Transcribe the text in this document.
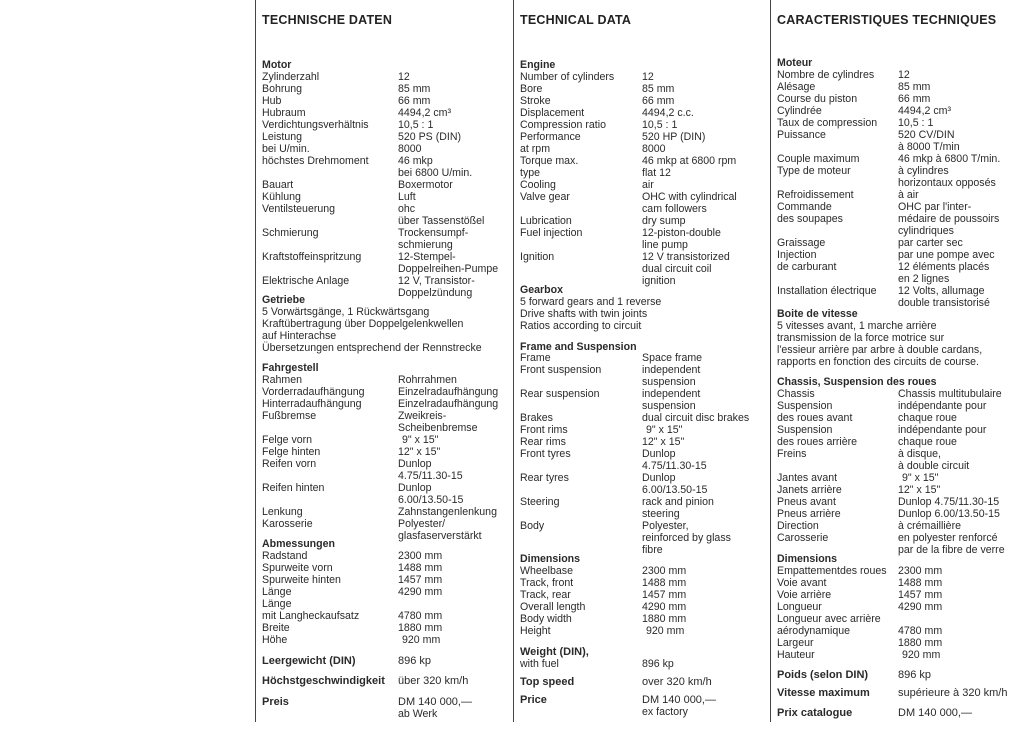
TECHNISCHE DATEN
Motor
Zylinderzahl	12
Bohrung	85 mm
Hub	66 mm
Hubraum	4494,2 cm³
Verdichtungsverhältnis	10,5 : 1
Leistung	520 PS (DIN)
bei U/min.	8000
höchstes Drehmoment	46 mkp
bei 6800 U/min.
Bauart	Boxermotor
Kühlung	Luft
Ventilsteuerung	ohc
über Tassenstößel
Schmierung	Trockensumpf-
schmierung
Kraftstoffeinspritzung	12-Stempel-
Doppelreihen-Pumpe
Elektrische Anlage	12 V, Transistor-
Doppelzündung
Getriebe
5 Vorwärtsgänge, 1 Rückwärtsgang
Kraftübertragung über Doppelgelenkwellen
auf Hinterachse
Übersetzungen entsprechend der Rennstrecke
Fahrgestell
Rahmen	Rohrrahmen
Vorderradaufhängung	Einzelradaufhängung
Hinterradaufhängung	Einzelradaufhängung
Fußbremse	Zweikreis-
Scheibenbremse
Felge vorn	9" x 15"
Felge hinten	12" x 15"
Reifen vorn	Dunlop
4.75/11.30-15
Reifen hinten	Dunlop
6.00/13.50-15
Lenkung	Zahnstangenlenkung
Karosserie	Polyester/
glasfaserverstärkt
Abmessungen
Radstand	2300 mm
Spurweite vorn	1488 mm
Spurweite hinten	1457 mm
Länge	4290 mm
Länge
mit Langheckaufsatz	4780 mm
Breite	1880 mm
Höhe	920 mm
Leergewicht (DIN)	896 kp
Höchstgeschwindigkeit über 320 km/h
Preis	DM 140 000,—
ab Werk
TECHNICAL DATA
Engine
Number of cylinders	12
Bore	85 mm
Stroke	66 mm
Displacement	4494,2 c.c.
Compression ratio	10,5 : 1
Performance	520 HP (DIN)
at rpm	8000
Torque max.	46 mkp at 6800 rpm
type	flat 12
Cooling	air
Valve gear	OHC with cylindrical
cam followers
Lubrication	dry sump
Fuel injection	12-piston-double
line pump
Ignition	12 V transistorized
dual circuit coil
ignition
Gearbox
5 forward gears and 1 reverse
Drive shafts with twin joints
Ratios according to circuit
Frame and Suspension
Frame	Space frame
Front suspension	independent
suspension
Rear suspension	independent
suspension
Brakes	dual circuit disc brakes
Front rims	9" x 15"
Rear rims	12" x 15"
Front tyres	Dunlop
4.75/11.30-15
Rear tyres	Dunlop
6.00/13.50-15
Steering	rack and pinion
steering
Body	Polyester,
reinforced by glass
fibre
Dimensions
Wheelbase	2300 mm
Track, front	1488 mm
Track, rear	1457 mm
Overall length	4290 mm
Body width	1880 mm
Height	920 mm
Weight (DIN),
with fuel	896 kp
Top speed	over 320 km/h
Price	DM 140 000,—
ex factory
CARACTERISTIQUES TECHNIQUES
Moteur
Nombre de cylindres 12
Alésage	85 mm
Course du piston	66 mm
Cylindrée	4494,2 cm³
Taux de compression 10,5 : 1
Puissance	520 CV/DIN
à 8000 T/min
Couple maximum	46 mkp à 6800 T/min.
Type de moteur	à cylindres
horizontaux opposés
Refroidissement	à air
Commande	OHC par l'inter-
des soupapes	médaire de poussoirs
cylindriques
Graissage	par carter sec
Injection	par une pompe avec
de carburant	12 éléments placés
en 2 lignes
Installation électrique 12 Volts, allumage
double transistorisé
Boite de vitesse
5 vitesses avant, 1 marche arrière
transmission de la force motrice sur
l'essieur arrière par arbre à double cardans,
rapports en fonction des circuits de course.
Chassis, Suspension des roues
Chassis	Chassis multitubulaire
Suspension	indépendante pour
des roues avant	chaque roue
Suspension	indépendante pour
des roues arrière	chaque roue
Freins	à disque,
à double circuit
Jantes avant	9" x 15"
Janets arrière	12" x 15"
Pneus avant	Dunlop 4.75/11.30-15
Pneus arrière	Dunlop 6.00/13.50-15
Direction	à crémaillière
Carosserie	en polyester renforcé
par de la fibre de verre
Dimensions
Empattementdes roues 2300 mm
Voie avant	1488 mm
Voie arrière	1457 mm
Longueur	4290 mm
Longueur avec arrière
aérodynamique	4780 mm
Largeur	1880 mm
Hauteur	920 mm
Poids (selon DIN)	896 kp
Vitesse maximum	supérieure à 320 km/h
Prix catalogue	DM 140 000,—
